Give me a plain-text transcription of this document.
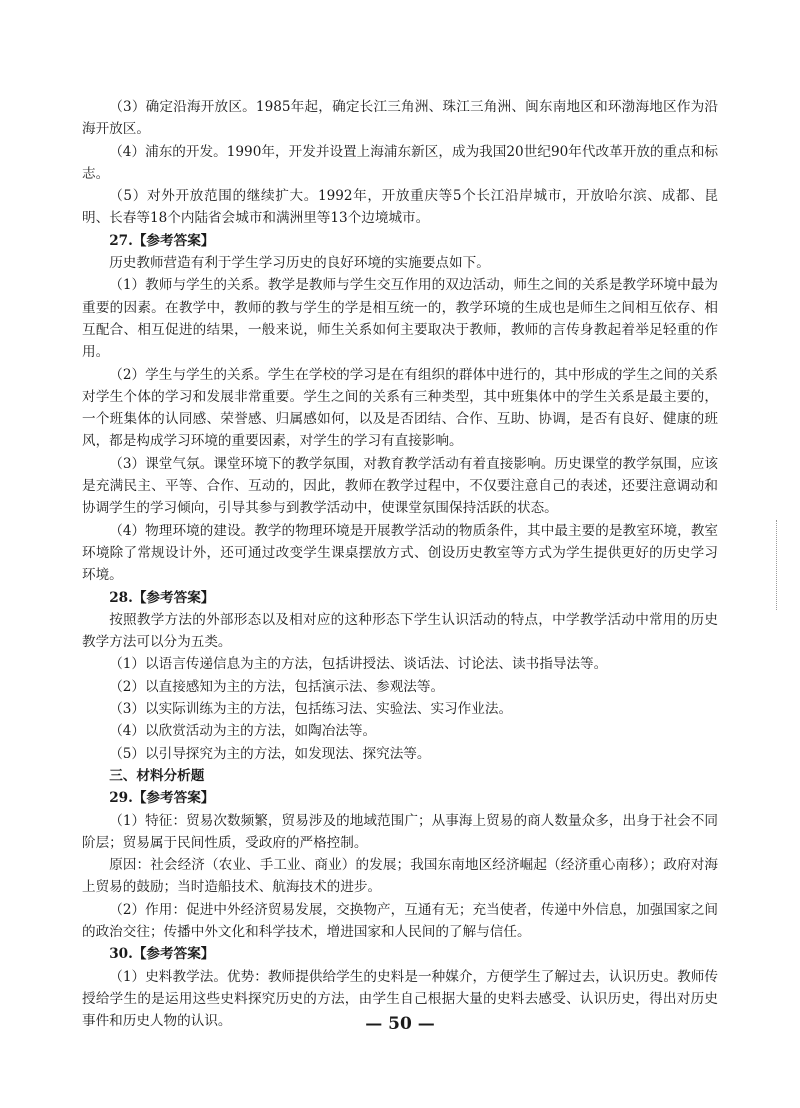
（3）确定沿海开放区。1985年起，确定长江三角洲、珠江三角洲、闽东南地区和环渤海地区作为沿海开放区。

（4）浦东的开发。1990年，开发并设置上海浦东新区，成为我国20世纪90年代改革开放的重点和标志。

（5）对外开放范围的继续扩大。1992年，开放重庆等5个长江沿岸城市，开放哈尔滨、成都、昆明、长春等18个内陆省会城市和满洲里等13个边境城市。

27.【参考答案】

历史教师营造有利于学生学习历史的良好环境的实施要点如下。

（1）教师与学生的关系。教学是教师与学生交互作用的双边活动，师生之间的关系是教学环境中最为重要的因素。在教学中，教师的教与学生的学是相互统一的，教学环境的生成也是师生之间相互依存、相互配合、相互促进的结果，一般来说，师生关系如何主要取决于教师，教师的言传身教起着举足轻重的作用。

（2）学生与学生的关系。学生在学校的学习是在有组织的群体中进行的，其中形成的学生之间的关系对学生个体的学习和发展非常重要。学生之间的关系有三种类型，其中班集体中的学生关系是最主要的，一个班集体的认同感、荣誉感、归属感如何，以及是否团结、合作、互助、协调，是否有良好、健康的班风，都是构成学习环境的重要因素，对学生的学习有直接影响。

（3）课堂气氛。课堂环境下的教学氛围，对教育教学活动有着直接影响。历史课堂的教学氛围，应该是充满民主、平等、合作、互动的，因此，教师在教学过程中，不仅要注意自己的表述，还要注意调动和协调学生的学习倾向，引导其参与到教学活动中，使课堂氛围保持活跃的状态。

（4）物理环境的建设。教学的物理环境是开展教学活动的物质条件，其中最主要的是教室环境，教室环境除了常规设计外，还可通过改变学生课桌摆放方式、创设历史教室等方式为学生提供更好的历史学习环境。

28.【参考答案】

按照教学方法的外部形态以及相对应的这种形态下学生认识活动的特点，中学教学活动中常用的历史教学方法可以分为五类。

（1）以语言传递信息为主的方法，包括讲授法、谈话法、讨论法、读书指导法等。

（2）以直接感知为主的方法，包括演示法、参观法等。

（3）以实际训练为主的方法，包括练习法、实验法、实习作业法。

（4）以欣赏活动为主的方法，如陶冶法等。

（5）以引导探究为主的方法，如发现法、探究法等。

三、材料分析题

29.【参考答案】

（1）特征：贸易次数频繁，贸易涉及的地域范围广；从事海上贸易的商人数量众多，出身于社会不同阶层；贸易属于民间性质，受政府的严格控制。

原因：社会经济（农业、手工业、商业）的发展；我国东南地区经济崛起（经济重心南移）；政府对海上贸易的鼓励；当时造船技术、航海技术的进步。

（2）作用：促进中外经济贸易发展，交换物产，互通有无；充当使者，传递中外信息，加强国家之间的政治交往；传播中外文化和科学技术，增进国家和人民间的了解与信任。

30.【参考答案】

（1）史料教学法。优势：教师提供给学生的史料是一种媒介，方便学生了解过去，认识历史。教师传授给学生的是运用这些史料探究历史的方法，由学生自己根据大量的史料去感受、认识历史，得出对历史事件和历史人物的认识。	— 50 —
